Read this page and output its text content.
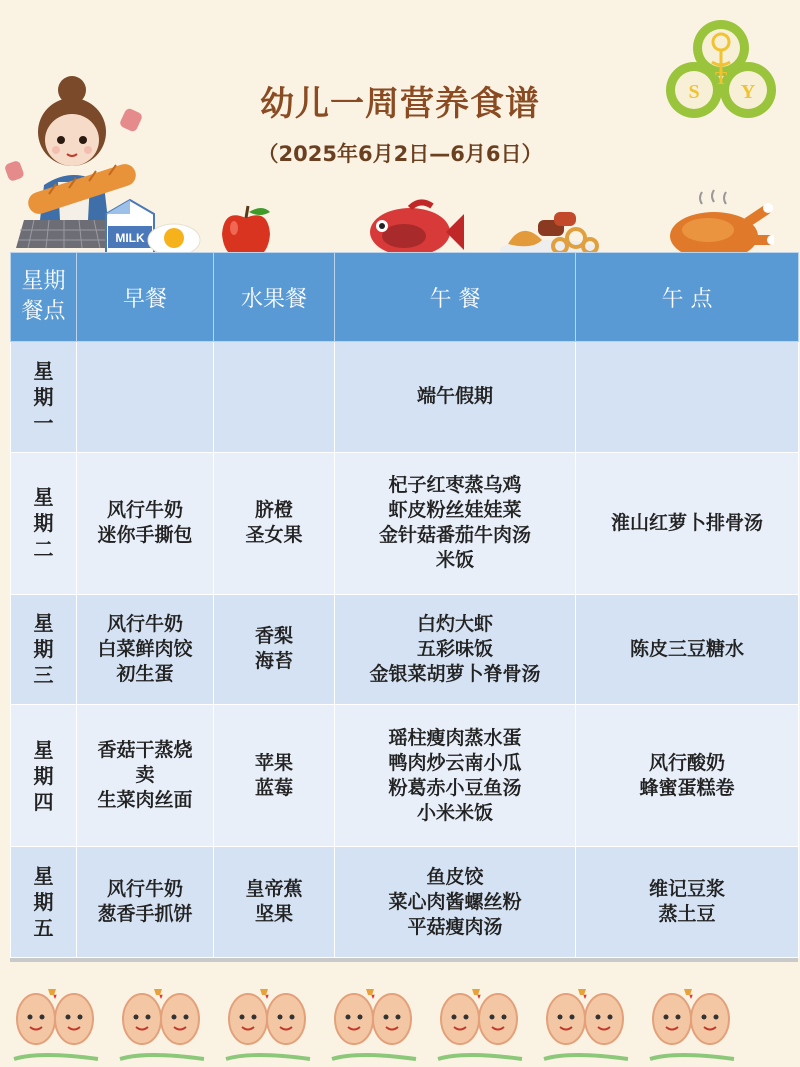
幼儿一周营养食谱
（2025年6月2日—6月6日）
S
T
Y
MILK
星期
餐点	早餐	水果餐	午 餐	午 点

星
期
一			端午假期	

星
期
二	风行牛奶
迷你手撕包	脐橙
圣女果	杞子红枣蒸乌鸡
虾皮粉丝娃娃菜
金针菇番茄牛肉汤
米饭	淮山红萝卜排骨汤

星
期
三	风行牛奶
白菜鲜肉饺
初生蛋	香梨
海苔	白灼大虾
五彩味饭
金银菜胡萝卜脊骨汤	陈皮三豆糖水

星
期
四	香菇干蒸烧
卖
生菜肉丝面	苹果
蓝莓	瑶柱瘦肉蒸水蛋
鸭肉炒云南小瓜
粉葛赤小豆鱼汤
小米米饭	风行酸奶
蜂蜜蛋糕卷

星
期
五	风行牛奶
葱香手抓饼	皇帝蕉
坚果	鱼皮饺
菜心肉酱螺丝粉
平菇瘦肉汤	维记豆浆
蒸土豆
